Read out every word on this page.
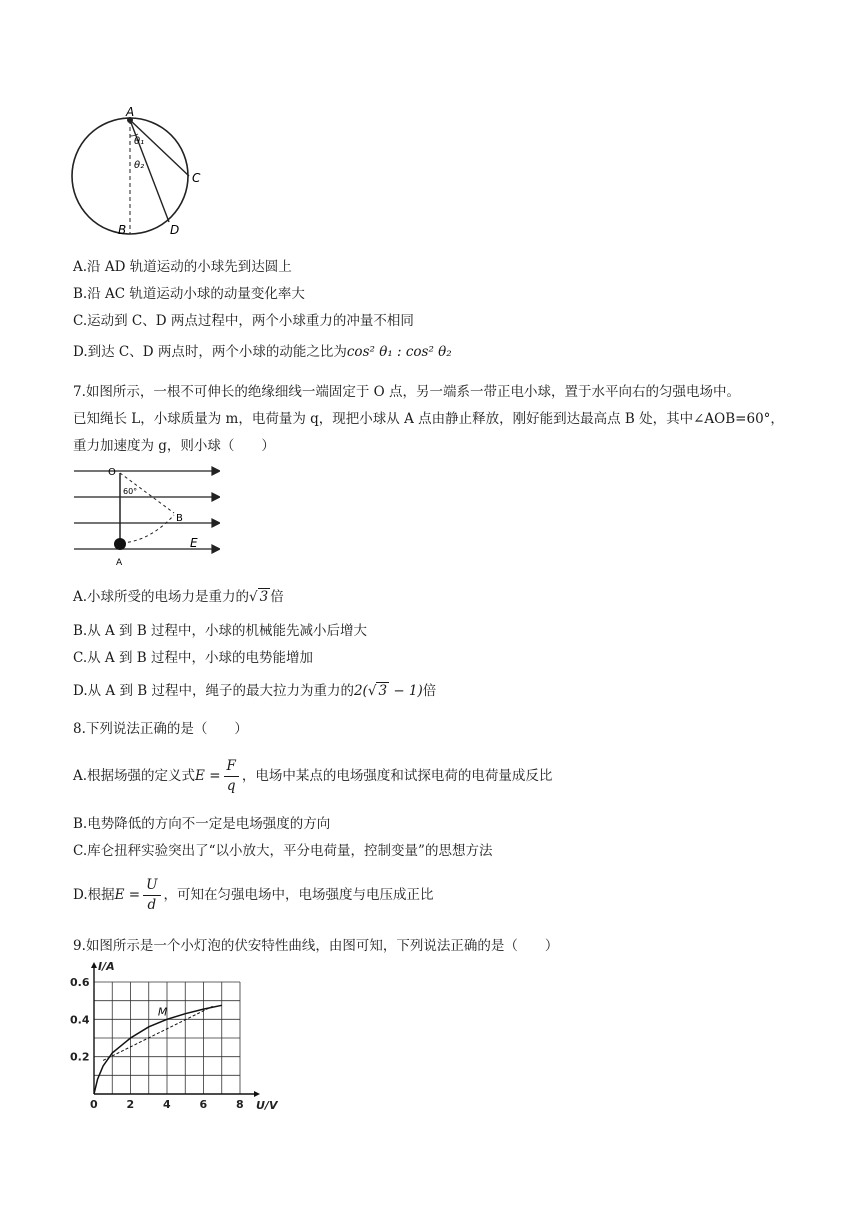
A
θ₁
θ₂
C
B	D
A.沿 AD 轨道运动的小球先到达圆上
B.沿 AC 轨道运动小球的动量变化率大
C.运动到 C、D 两点过程中，两个小球重力的冲量不相同
D.到达 C、D 两点时，两个小球的动能之比为cos² θ₁ : cos² θ₂
7.如图所示，一根不可伸长的绝缘细线一端固定于 O 点，另一端系一带正电小球，置于水平向右的匀强电场中。
已知绳长 L，小球质量为 m，电荷量为 q，现把小球从 A 点由静止释放，刚好能到达最高点 B 处，其中∠AOB=60°，
重力加速度为 g，则小球（　　）
O
60°
B
E
A
A.小球所受的电场力是重力的√ 3 倍
B.从 A 到 B 过程中，小球的机械能先减小后增大
C.从 A 到 B 过程中，小球的电势能增加
D.从 A 到 B 过程中，绳子的最大拉力为重力的2(√ 3 − 1)倍
8.下列说法正确的是（　　）
A.根据场强的定义式$E = \frac{F}{q}$ ，电场中某点的电场强度和试探电荷的电荷量成反比
B.电势降低的方向不一定是电场强度的方向
C.库仑扭秤实验突出了“以小放大，平分电荷量，控制变量”的思想方法
D.根据$E = \frac{U}{d}$ ，可知在匀强电场中，电场强度与电压成正比
9.如图所示是一个小灯泡的伏安特性曲线，由图可知，下列说法正确的是（　　）
0	2	4	6	8
0.2
0.4
0.6
U/V
I/A
M
